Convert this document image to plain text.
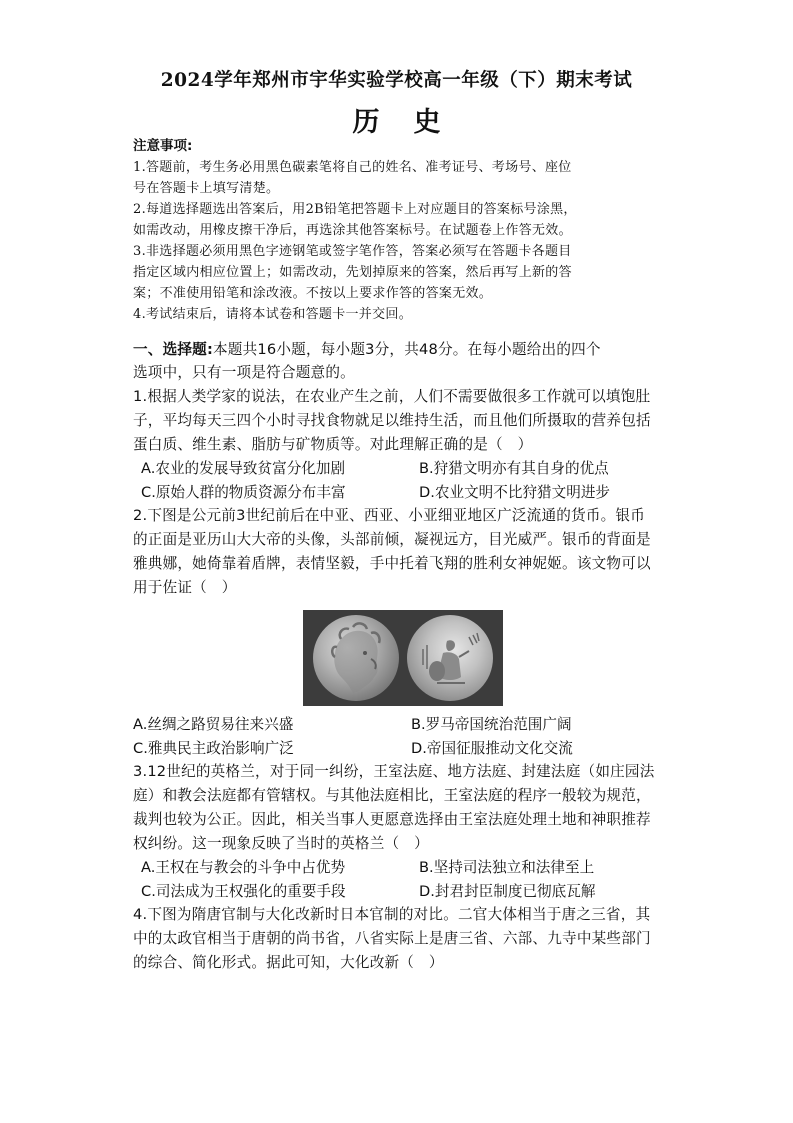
2024学年郑州市宇华实验学校高一年级（下）期末考试
历史

注意事项:

1.答题前，考生务必用黑色碳素笔将自己的姓名、准考证号、考场号、座位

号在答题卡上填写清楚。

2.每道选择题选出答案后，用2B铅笔把答题卡上对应题目的答案标号涂黑，

如需改动，用橡皮擦干净后，再选涂其他答案标号。在试题卷上作答无效。

3.非选择题必须用黑色字迹钢笔或签字笔作答，答案必须写在答题卡各题目

指定区域内相应位置上；如需改动，先划掉原来的答案，然后再写上新的答

案；不准使用铅笔和涂改液。不按以上要求作答的答案无效。

4.考试结束后，请将本试卷和答题卡一并交回。

一、选择题:本题共16小题，每小题3分，共48分。在每小题给出的四个

选项中，只有一项是符合题意的。

1.根据人类学家的说法，在农业产生之前，人们不需要做很多工作就可以填饱肚

子，平均每天三四个小时寻找食物就足以维持生活，而且他们所摄取的营养包括

蛋白质、维生素、脂肪与矿物质等。对此理解正确的是（　）

A.农业的发展导致贫富分化加剧	B.狩猎文明亦有其自身的优点
C.原始人群的物质资源分布丰富	D.农业文明不比狩猎文明进步

2.下图是公元前3世纪前后在中亚、西亚、小亚细亚地区广泛流通的货币。银币

的正面是亚历山大大帝的头像，头部前倾，凝视远方，目光威严。银币的背面是

雅典娜，她倚靠着盾牌，表情坚毅，手中托着飞翔的胜利女神妮姬。该文物可以

用于佐证（　）

A.丝绸之路贸易往来兴盛	B.罗马帝国统治范围广阔
C.雅典民主政治影响广泛	D.帝国征服推动文化交流

3.12世纪的英格兰，对于同一纠纷，王室法庭、地方法庭、封建法庭（如庄园法

庭）和教会法庭都有管辖权。与其他法庭相比，王室法庭的程序一般较为规范，

裁判也较为公正。因此，相关当事人更愿意选择由王室法庭处理土地和神职推荐

权纠纷。这一现象反映了当时的英格兰（　）

A.王权在与教会的斗争中占优势	B.坚持司法独立和法律至上
C.司法成为王权强化的重要手段	D.封君封臣制度已彻底瓦解

4.下图为隋唐官制与大化改新时日本官制的对比。二官大体相当于唐之三省，其

中的太政官相当于唐朝的尚书省，八省实际上是唐三省、六部、九寺中某些部门

的综合、简化形式。据此可知，大化改新（　）
